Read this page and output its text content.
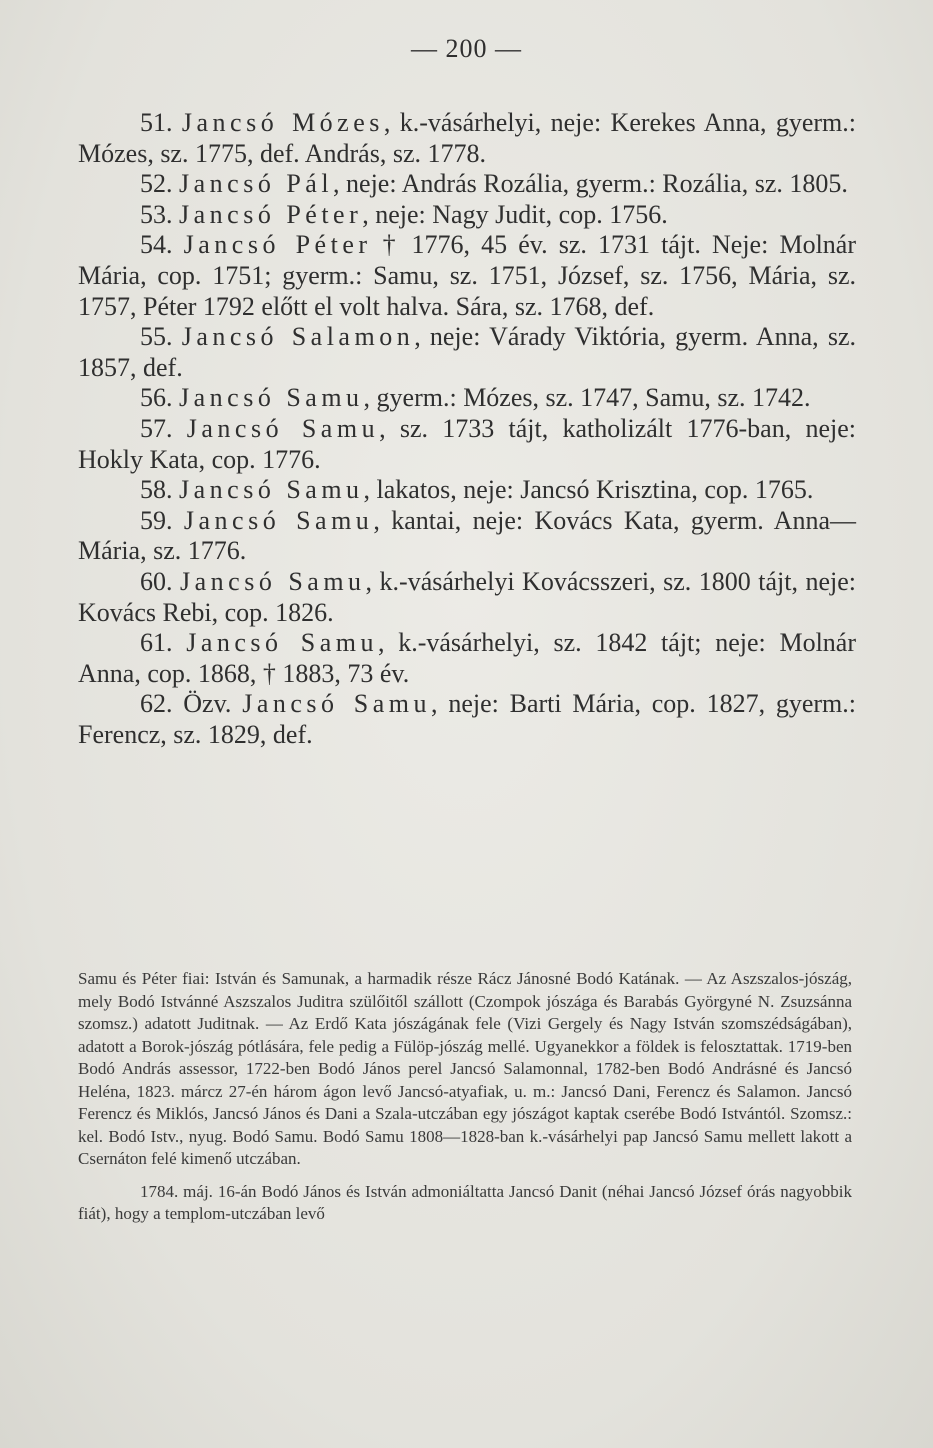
— 200 —

51. Jancsó Mózes, k.-vásárhelyi, neje: Kerekes Anna, gyerm.: Mózes, sz. 1775, def. András, sz. 1778.

52. Jancsó Pál, neje: András Rozália, gyerm.: Rozália, sz. 1805.

53. Jancsó Péter, neje: Nagy Judit, cop. 1756.

54. Jancsó Péter † 1776, 45 év. sz. 1731 tájt. Neje: Molnár Mária, cop. 1751; gyerm.: Samu, sz. 1751, József, sz. 1756, Mária, sz. 1757, Péter 1792 előtt el volt halva. Sára, sz. 1768, def.

55. Jancsó Salamon, neje: Várady Viktória, gyerm. Anna, sz. 1857, def.

56. Jancsó Samu, gyerm.: Mózes, sz. 1747, Samu, sz. 1742.

57. Jancsó Samu, sz. 1733 tájt, katholizált 1776-ban, neje: Hokly Kata, cop. 1776.

58. Jancsó Samu, lakatos, neje: Jancsó Krisztina, cop. 1765.

59. Jancsó Samu, kantai, neje: Kovács Kata, gyerm. Anna—Mária, sz. 1776.

60. Jancsó Samu, k.-vásárhelyi Kovácsszeri, sz. 1800 tájt, neje: Kovács Rebi, cop. 1826.

61. Jancsó Samu, k.-vásárhelyi, sz. 1842 tájt; neje: Molnár Anna, cop. 1868, † 1883, 73 év.

62. Özv. Jancsó Samu, neje: Barti Mária, cop. 1827, gyerm.: Ferencz, sz. 1829, def.

Samu és Péter fiai: István és Samunak, a harmadik része Rácz Jánosné Bodó Katának. — Az Aszszalos-jószág, mely Bodó Istvánné Aszszalos Juditra szülőitől szállott (Czompok jószága és Barabás Györgyné N. Zsuzsánna szomsz.) adatott Juditnak. — Az Erdő Kata jószágának fele (Vizi Gergely és Nagy István szomszédságában), adatott a Borok-jószág pótlására, fele pedig a Fülöp-jószág mellé. Ugyanekkor a földek is felosztattak. 1719-ben Bodó András assessor, 1722-ben Bodó János perel Jancsó Salamonnal, 1782-ben Bodó Andrásné és Jancsó Heléna, 1823. márcz 27-én három ágon levő Jancsó-atyafiak, u. m.: Jancsó Dani, Ferencz és Salamon. Jancsó Ferencz és Miklós, Jancsó János és Dani a Szala-utczában egy jószágot kaptak cserébe Bodó Istvántól. Szomsz.: kel. Bodó Istv., nyug. Bodó Samu. Bodó Samu 1808—1828-ban k.-vásárhelyi pap Jancsó Samu mellett lakott a Csernáton felé kimenő utczában.

1784. máj. 16-án Bodó János és István admoniáltatta Jancsó Danit (néhai Jancsó József órás nagyobbik fiát), hogy a templom-utczában levő
